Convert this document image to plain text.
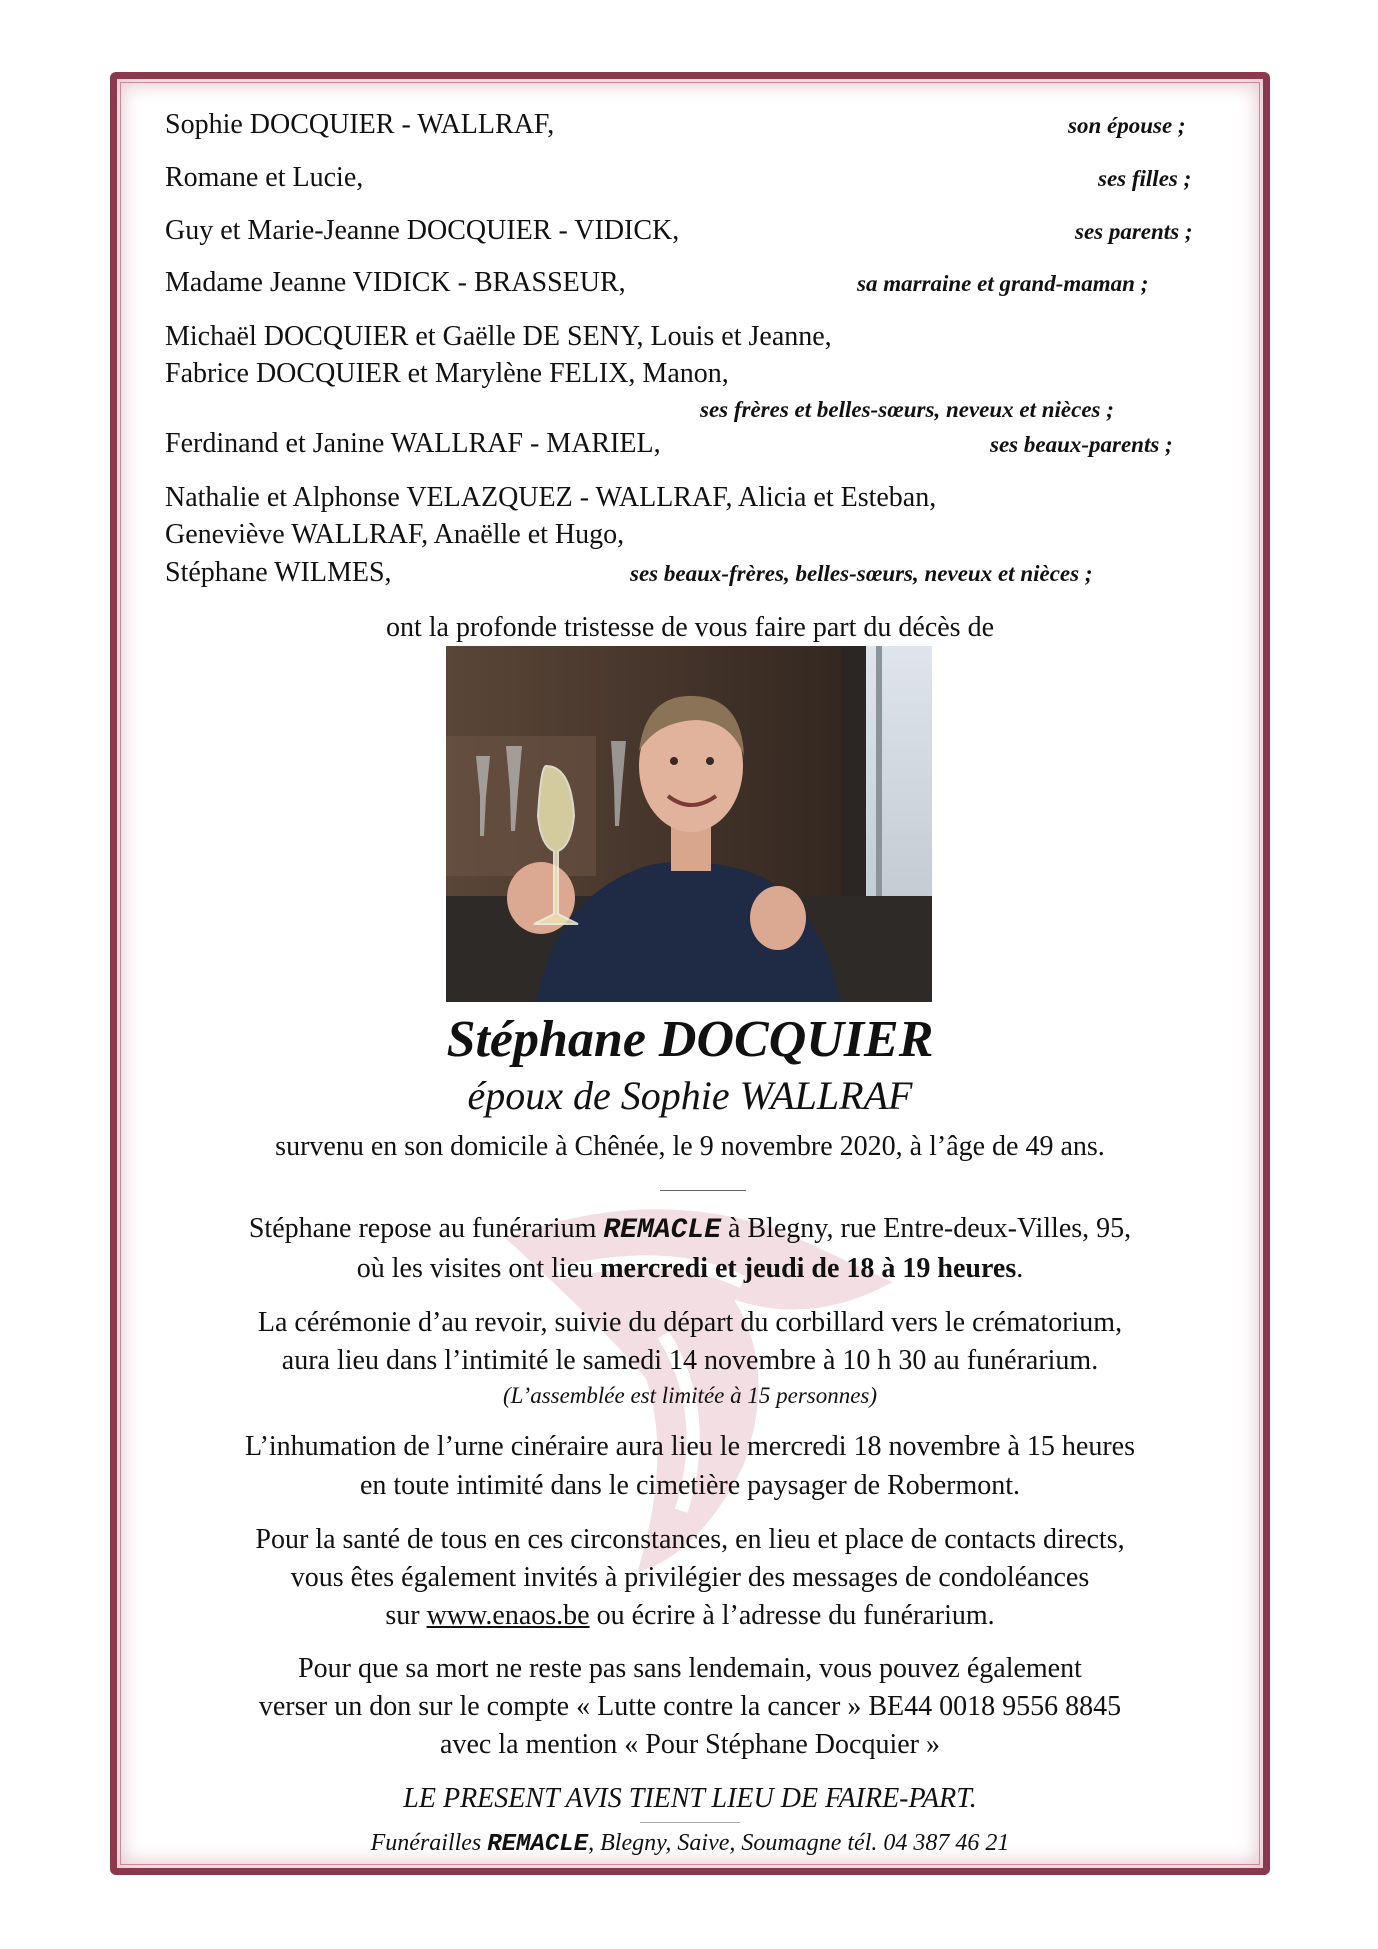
Sophie DOCQUIER - WALLRAF,	son épouse ;
Romane et Lucie,	ses filles ;
Guy et Marie-Jeanne DOCQUIER - VIDICK,	ses parents ;
Madame Jeanne VIDICK - BRASSEUR,	sa marraine et grand-maman ;
Michaël DOCQUIER et Gaëlle DE SENY, Louis et Jeanne,
Fabrice DOCQUIER et Marylène FELIX, Manon,
ses frères et belles-sœurs, neveux et nièces ;
Ferdinand et Janine WALLRAF - MARIEL,	ses beaux-parents ;
Nathalie et Alphonse VELAZQUEZ - WALLRAF, Alicia et Esteban,
Geneviève WALLRAF, Anaëlle et Hugo,
Stéphane WILMES,	ses beaux-frères, belles-sœurs, neveux et nièces ;
ont la profonde tristesse de vous faire part du décès de
Stéphane DOCQUIER
époux de Sophie WALLRAF
survenu en son domicile à Chênée, le 9 novembre 2020, à l’âge de 49 ans.
Stéphane repose au funérarium REMACLE à Blegny, rue Entre-deux-Villes, 95,
où les visites ont lieu mercredi et jeudi de 18 à 19 heures.
La cérémonie d’au revoir, suivie du départ du corbillard vers le crématorium,
aura lieu dans l’intimité le samedi 14 novembre à 10 h 30 au funérarium.
(L’assemblée est limitée à 15 personnes)
L’inhumation de l’urne cinéraire aura lieu le mercredi 18 novembre à 15 heures
en toute intimité dans le cimetière paysager de Robermont.
Pour la santé de tous en ces circonstances, en lieu et place de contacts directs,
vous êtes également invités à privilégier des messages de condoléances
sur www.enaos.be ou écrire à l’adresse du funérarium.
Pour que sa mort ne reste pas sans lendemain, vous pouvez également
verser un don sur le compte « Lutte contre la cancer » BE44 0018 9556 8845
avec la mention « Pour Stéphane Docquier »
LE PRESENT AVIS TIENT LIEU DE FAIRE-PART.
Funérailles REMACLE, Blegny, Saive, Soumagne tél. 04 387 46 21
